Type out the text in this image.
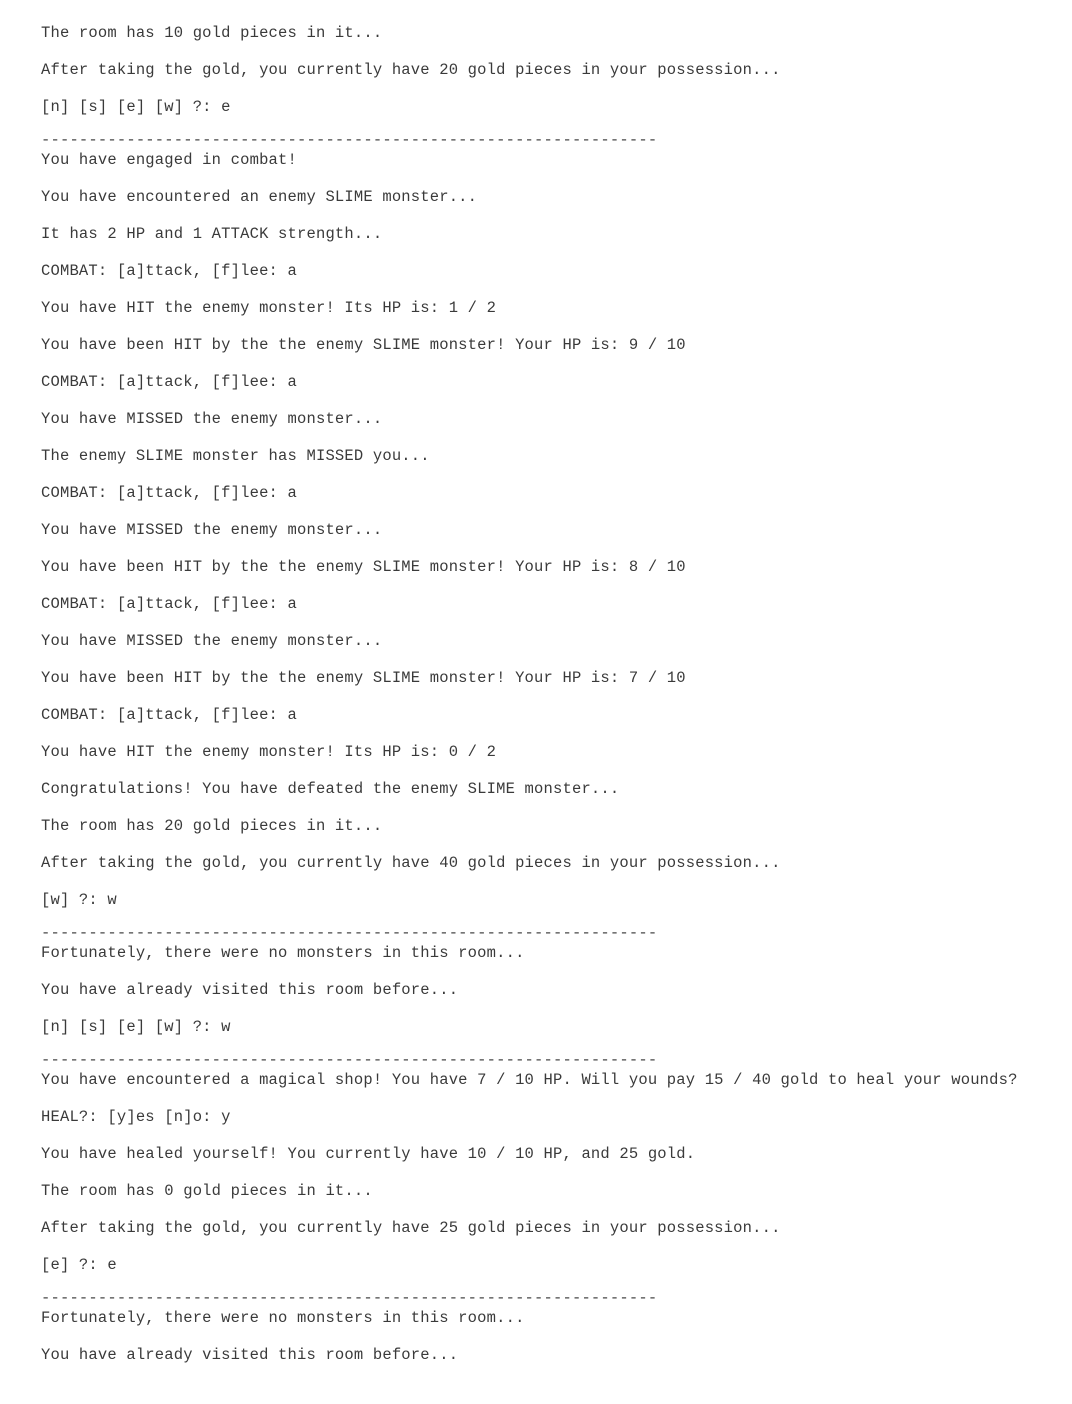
The room has 10 gold pieces in it...
After taking the gold, you currently have 20 gold pieces in your possession...
[n] [s] [e] [w] ?: e
-----------------------------------------------------------------
You have engaged in combat!
You have encountered an enemy SLIME monster...
It has 2 HP and 1 ATTACK strength...
COMBAT: [a]ttack, [f]lee: a
You have HIT the enemy monster! Its HP is: 1 / 2
You have been HIT by the the enemy SLIME monster! Your HP is: 9 / 10
COMBAT: [a]ttack, [f]lee: a
You have MISSED the enemy monster...
The enemy SLIME monster has MISSED you...
COMBAT: [a]ttack, [f]lee: a
You have MISSED the enemy monster...
You have been HIT by the the enemy SLIME monster! Your HP is: 8 / 10
COMBAT: [a]ttack, [f]lee: a
You have MISSED the enemy monster...
You have been HIT by the the enemy SLIME monster! Your HP is: 7 / 10
COMBAT: [a]ttack, [f]lee: a
You have HIT the enemy monster! Its HP is: 0 / 2
Congratulations! You have defeated the enemy SLIME monster...
The room has 20 gold pieces in it...
After taking the gold, you currently have 40 gold pieces in your possession...
[w] ?: w
-----------------------------------------------------------------
Fortunately, there were no monsters in this room...
You have already visited this room before...
[n] [s] [e] [w] ?: w
-----------------------------------------------------------------
You have encountered a magical shop! You have 7 / 10 HP. Will you pay 15 / 40 gold to heal your wounds?
HEAL?: [y]es [n]o: y
You have healed yourself! You currently have 10 / 10 HP, and 25 gold.
The room has 0 gold pieces in it...
After taking the gold, you currently have 25 gold pieces in your possession...
[e] ?: e
-----------------------------------------------------------------
Fortunately, there were no monsters in this room...
You have already visited this room before...
